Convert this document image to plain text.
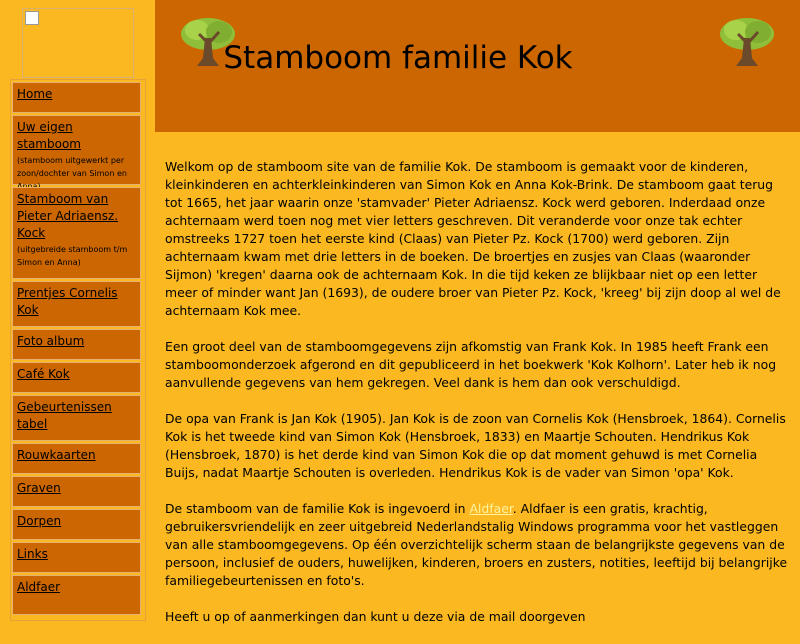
Stamboom familie Kok
Home
Uw eigen stamboom
(stamboom uitgewerkt per zoon/dochter van Simon en
Stamboom van Pieter Adriaensz. Kock
(uitgebreide stamboom t/m Simon en Anna)
Prentjes Cornelis Kok
Foto album
Café Kok
Gebeurtenissen tabel
Rouwkaarten
Graven
Dorpen
Links
Aldfaer

Welkom op de stamboom site van de familie Kok. De stamboom is gemaakt voor de kinderen, kleinkinderen en achterkleinkinderen van Simon Kok en Anna Kok-Brink. De stamboom gaat terug tot 1665, het jaar waarin onze 'stamvader' Pieter Adriaensz. Kock werd geboren. Inderdaad onze achternaam werd toen nog met vier letters geschreven. Dit veranderde voor onze tak echter omstreeks 1727 toen het eerste kind (Claas) van Pieter Pz. Kock (1700) werd geboren. Zijn achternaam kwam met drie letters in de boeken. De broertjes en zusjes van Claas (waaronder Sijmon) 'kregen' daarna ook de achternaam Kok. In die tijd keken ze blijkbaar niet op een letter meer of minder want Jan (1693), de oudere broer van Pieter Pz. Kock, 'kreeg' bij zijn doop al wel de achternaam Kok mee.

Een groot deel van de stamboomgegevens zijn afkomstig van Frank Kok. In 1985 heeft Frank een stamboomonderzoek afgerond en dit gepubliceerd in het boekwerk 'Kok Kolhorn'. Later heb ik nog aanvullende gegevens van hem gekregen. Veel dank is hem dan ook verschuldigd.

De opa van Frank is Jan Kok (1905). Jan Kok is de zoon van Cornelis Kok (Hensbroek, 1864). Cornelis Kok is het tweede kind van Simon Kok (Hensbroek, 1833) en Maartje Schouten. Hendrikus Kok (Hensbroek, 1870) is het derde kind van Simon Kok die op dat moment gehuwd is met Cornelia Buijs, nadat Maartje Schouten is overleden. Hendrikus Kok is de vader van Simon 'opa' Kok.

De stamboom van de familie Kok is ingevoerd in Aldfaer. Aldfaer is een gratis, krachtig, gebruikersvriendelijk en zeer uitgebreid Nederlandstalig Windows programma voor het vastleggen van alle stamboomgegevens. Op één overzichtelijk scherm staan de belangrijkste gegevens van de persoon, inclusief de ouders, huwelijken, kinderen, broers en zusters, notities, leeftijd bij belangrijke familiegebeurtenissen en foto's.

Heeft u op of aanmerkingen dan kunt u deze via de mail doorgeven
